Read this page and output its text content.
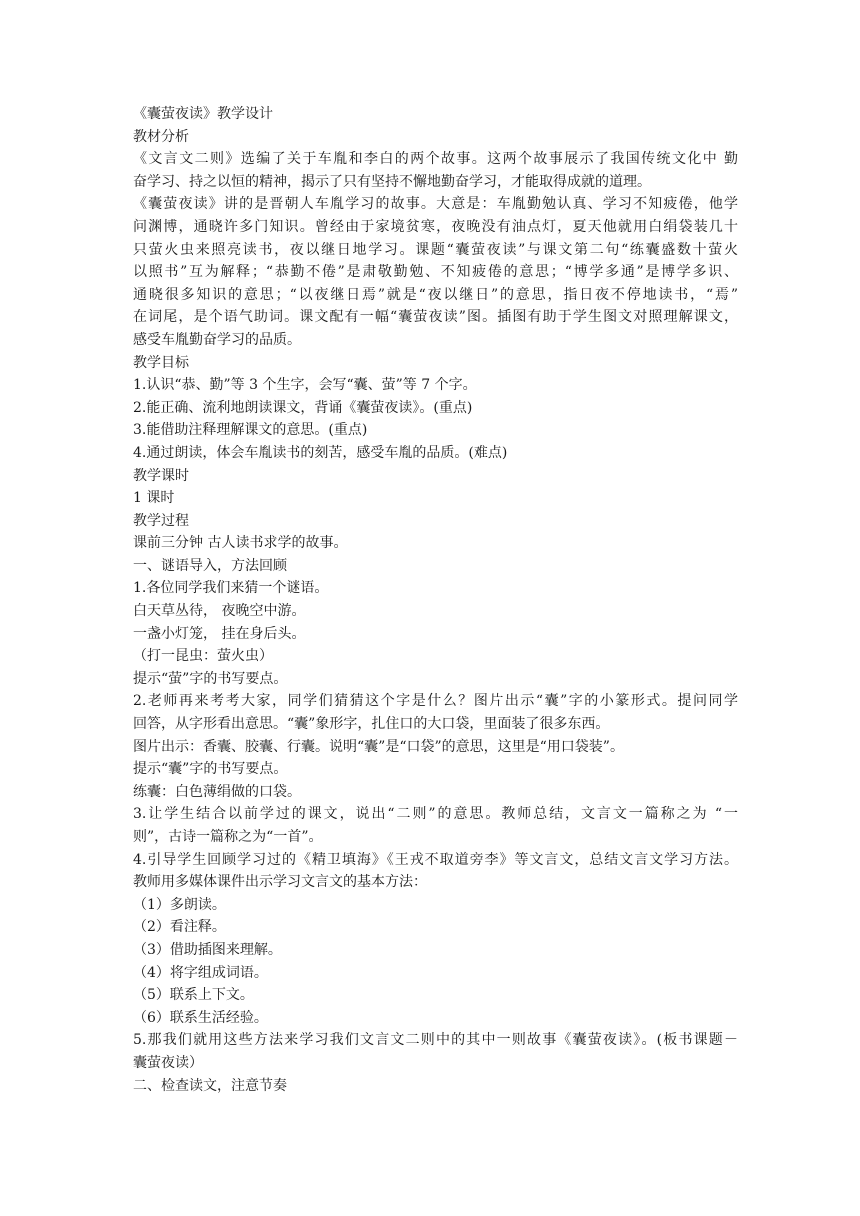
《囊萤夜读》教学设计
教材分析
《文言文二则》选编了关于车胤和李白的两个故事。这两个故事展示了我国传统文化中 勤
奋学习、持之以恒的精神，揭示了只有坚持不懈地勤奋学习，才能取得成就的道理。
《囊萤夜读》讲的是晋朝人车胤学习的故事。大意是：车胤勤勉认真、学习不知疲倦，他学
问渊博，通晓许多门知识。曾经由于家境贫寒，夜晚没有油点灯，夏天他就用白绢袋装几十
只萤火虫来照亮读书，夜以继日地学习。课题“囊萤夜读”与课文第二句“练囊盛数十萤火
以照书”互为解释；“恭勤不倦”是肃敬勤勉、不知疲倦的意思；“博学多通”是博学多识、
通晓很多知识的意思；“以夜继日焉”就是“夜以继日”的意思，指日夜不停地读书，“焉”
在词尾，是个语气助词。课文配有一幅“囊萤夜读”图。插图有助于学生图文对照理解课文，
感受车胤勤奋学习的品质。
教学目标
1.认识“恭、勤”等 3 个生字，会写“囊、萤”等 7 个字。
2.能正确、流利地朗读课文，背诵《囊萤夜读》。(重点)
3.能借助注释理解课文的意思。(重点)
4.通过朗读，体会车胤读书的刻苦，感受车胤的品质。(难点)
教学课时
1 课时
教学过程
课前三分钟 古人读书求学的故事。
一、谜语导入，方法回顾
1.各位同学我们来猜一个谜语。
白天草丛待， 夜晚空中游。
一盏小灯笼， 挂在身后头。
（打一昆虫：萤火虫）
提示“萤”字的书写要点。
2.老师再来考考大家，同学们猜猜这个字是什么？图片出示“囊”字的小篆形式。提问同学
回答，从字形看出意思。“囊”象形字，扎住口的大口袋，里面装了很多东西。
图片出示：香囊、胶囊、行囊。说明“囊”是“口袋”的意思，这里是“用口袋装”。
提示“囊”字的书写要点。
练囊：白色薄绢做的口袋。
3.让学生结合以前学过的课文，说出“二则”的意思。教师总结，文言文一篇称之为 “一
则”，古诗一篇称之为“一首”。
4.引导学生回顾学习过的《精卫填海》《王戎不取道旁李》等文言文，总结文言文学习方法。
教师用多媒体课件出示学习文言文的基本方法：
（1）多朗读。
（2）看注释。
（3）借助插图来理解。
（4）将字组成词语。
（5）联系上下文。
（6）联系生活经验。
5.那我们就用这些方法来学习我们文言文二则中的其中一则故事《囊萤夜读》。(板书课题－
囊萤夜读）
二、检查读文，注意节奏
